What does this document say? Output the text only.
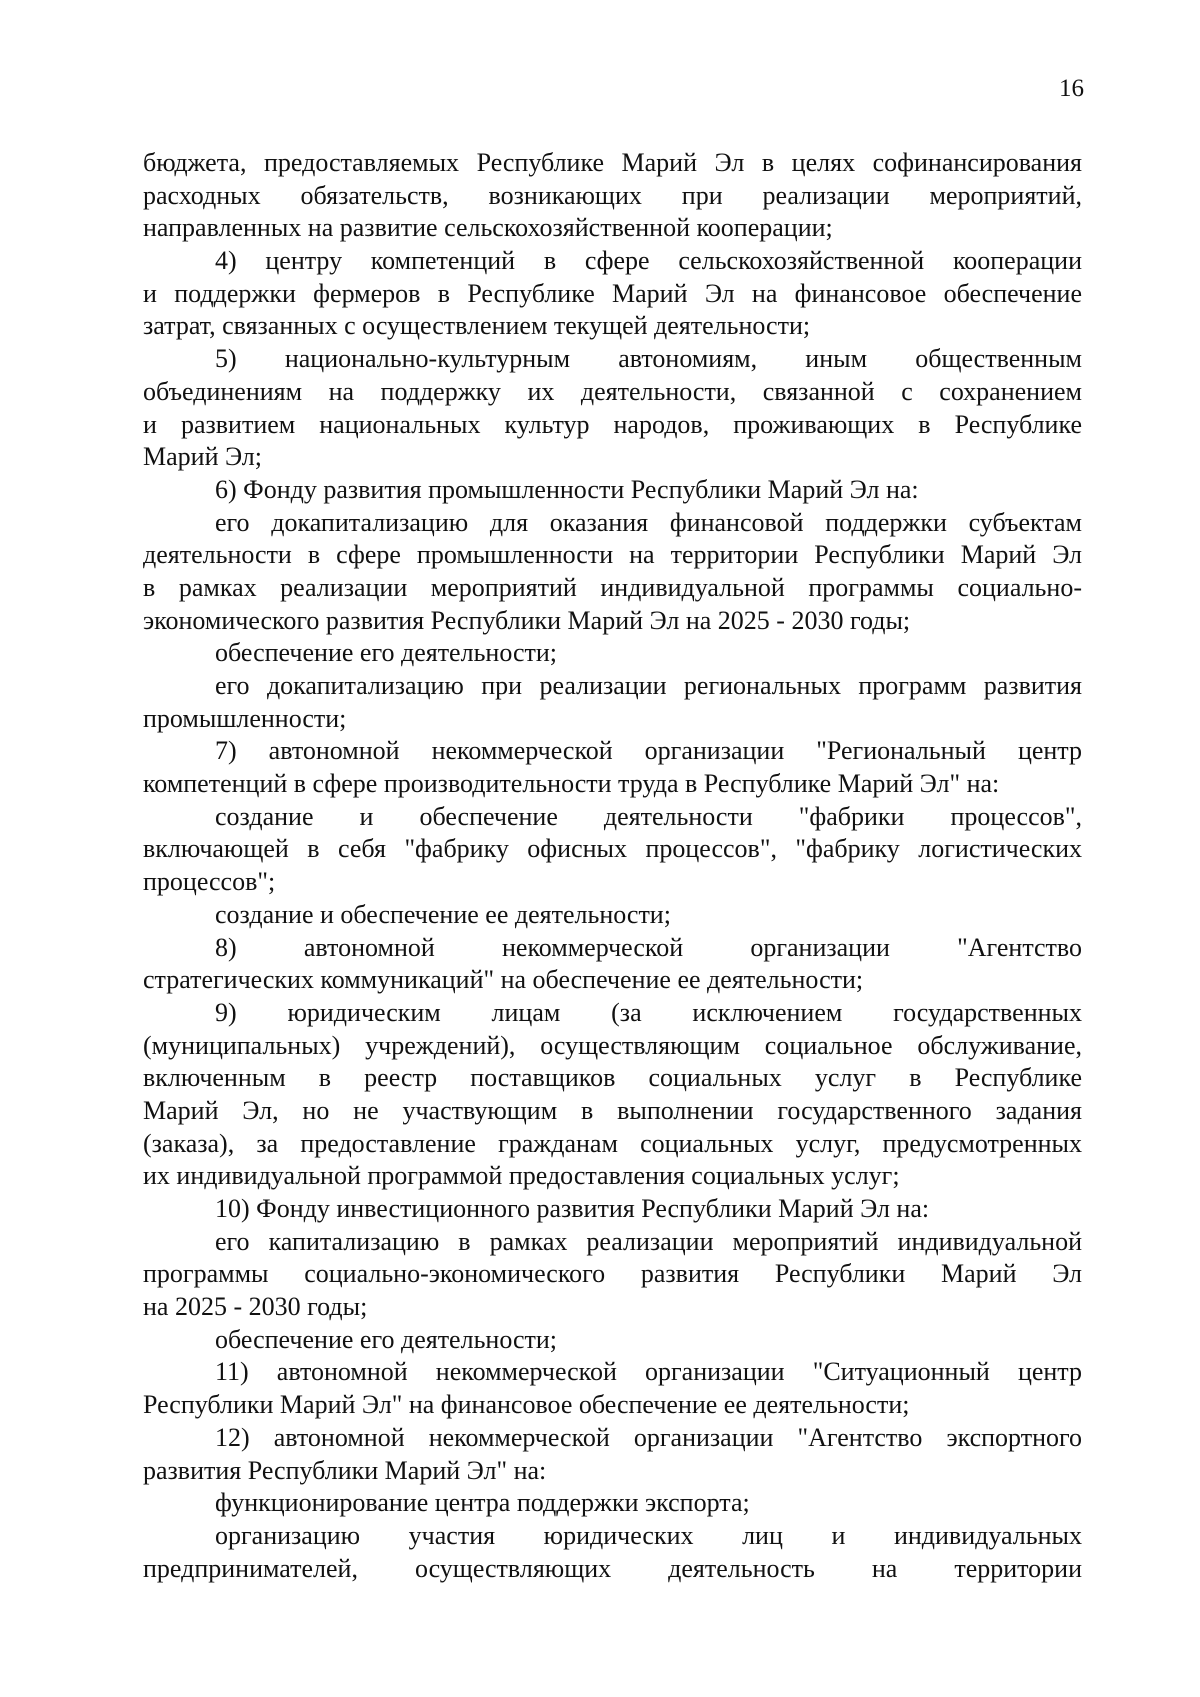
16
бюджета, предоставляемых Республике Марий Эл в целях софинансирования
расходных обязательств, возникающих при реализации мероприятий,
направленных на развитие сельскохозяйственной кооперации;
4) центру компетенций в сфере сельскохозяйственной кооперации
и поддержки фермеров в Республике Марий Эл на финансовое обеспечение
затрат, связанных с осуществлением текущей деятельности;
5) национально-культурным автономиям, иным общественным
объединениям на поддержку их деятельности, связанной с сохранением
и развитием национальных культур народов, проживающих в Республике
Марий Эл;
6) Фонду развития промышленности Республики Марий Эл на:
его докапитализацию для оказания финансовой поддержки субъектам
деятельности в сфере промышленности на территории Республики Марий Эл
в рамках реализации мероприятий индивидуальной программы социально-
экономического развития Республики Марий Эл на 2025 - 2030 годы;
обеспечение его деятельности;
его докапитализацию при реализации региональных программ развития
промышленности;
7) автономной некоммерческой организации "Региональный центр
компетенций в сфере производительности труда в Республике Марий Эл" на:
создание и обеспечение деятельности "фабрики процессов",
включающей в себя "фабрику офисных процессов", "фабрику логистических
процессов";
создание и обеспечение ее деятельности;
8) автономной некоммерческой организации "Агентство
стратегических коммуникаций" на обеспечение ее деятельности;
9) юридическим лицам (за исключением государственных
(муниципальных) учреждений), осуществляющим социальное обслуживание,
включенным в реестр поставщиков социальных услуг в Республике
Марий Эл, но не участвующим в выполнении государственного задания
(заказа), за предоставление гражданам социальных услуг, предусмотренных
их индивидуальной программой предоставления социальных услуг;
10) Фонду инвестиционного развития Республики Марий Эл на:
его капитализацию в рамках реализации мероприятий индивидуальной
программы социально-экономического развития Республики Марий Эл
на 2025 - 2030 годы;
обеспечение его деятельности;
11) автономной некоммерческой организации "Ситуационный центр
Республики Марий Эл" на финансовое обеспечение ее деятельности;
12) автономной некоммерческой организации "Агентство экспортного
развития Республики Марий Эл" на:
функционирование центра поддержки экспорта;
организацию участия юридических лиц и индивидуальных
предпринимателей, осуществляющих деятельность на территории
